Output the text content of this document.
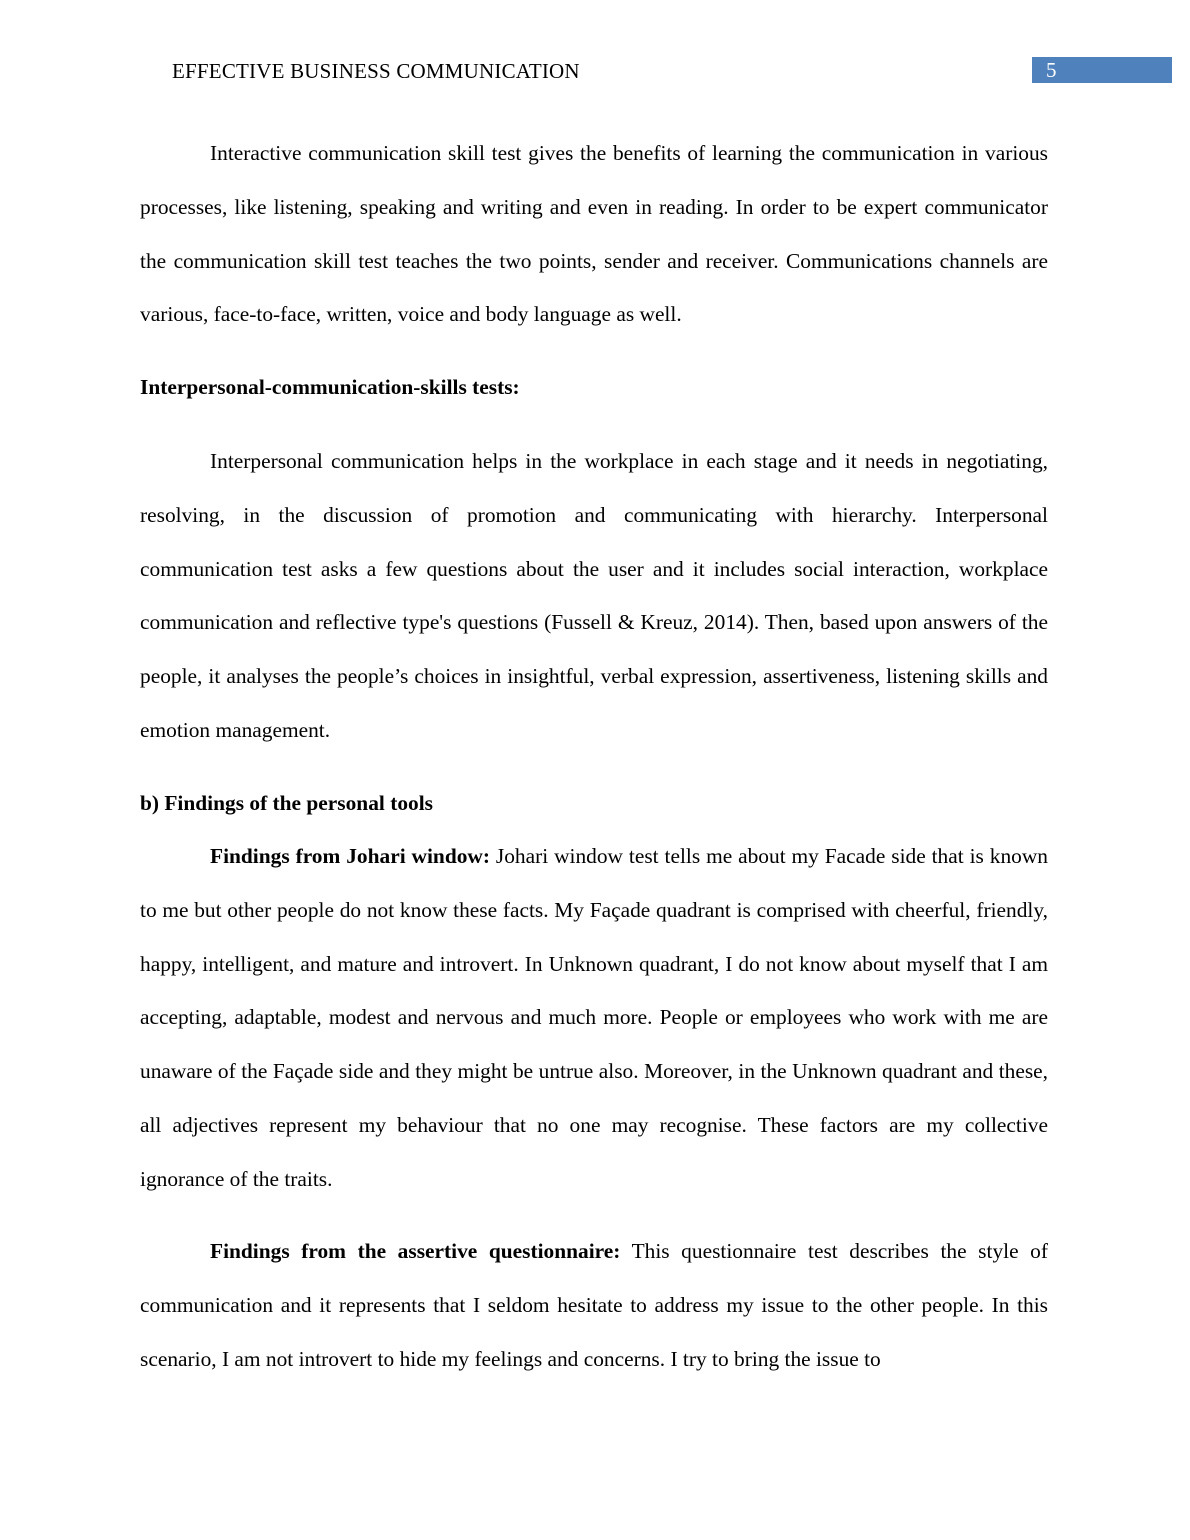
EFFECTIVE BUSINESS COMMUNICATION	5

Interactive communication skill test gives the benefits of learning the communication in various processes, like listening, speaking and writing and even in reading. In order to be expert communicator the communication skill test teaches the two points, sender and receiver. Communications channels are various, face-to-face, written, voice and body language as well.

Interpersonal-communication-skills tests:

Interpersonal communication helps in the workplace in each stage and it needs in negotiating, resolving, in the discussion of promotion and communicating with hierarchy. Interpersonal communication test asks a few questions about the user and it includes social interaction, workplace communication and reflective type's questions (Fussell & Kreuz, 2014). Then, based upon answers of the people, it analyses the people’s choices in insightful, verbal expression, assertiveness, listening skills and emotion management.

b) Findings of the personal tools

Findings from Johari window: Johari window test tells me about my Facade side that is known to me but other people do not know these facts. My Façade quadrant is comprised with cheerful, friendly, happy, intelligent, and mature and introvert. In Unknown quadrant, I do not know about myself that I am accepting, adaptable, modest and nervous and much more. People or employees who work with me are unaware of the Façade side and they might be untrue also. Moreover, in the Unknown quadrant and these, all adjectives represent my behaviour that no one may recognise. These factors are my collective ignorance of the traits.

Findings from the assertive questionnaire: This questionnaire test describes the style of communication and it represents that I seldom hesitate to address my issue to the other people. In this scenario, I am not introvert to hide my feelings and concerns. I try to bring the issue to
